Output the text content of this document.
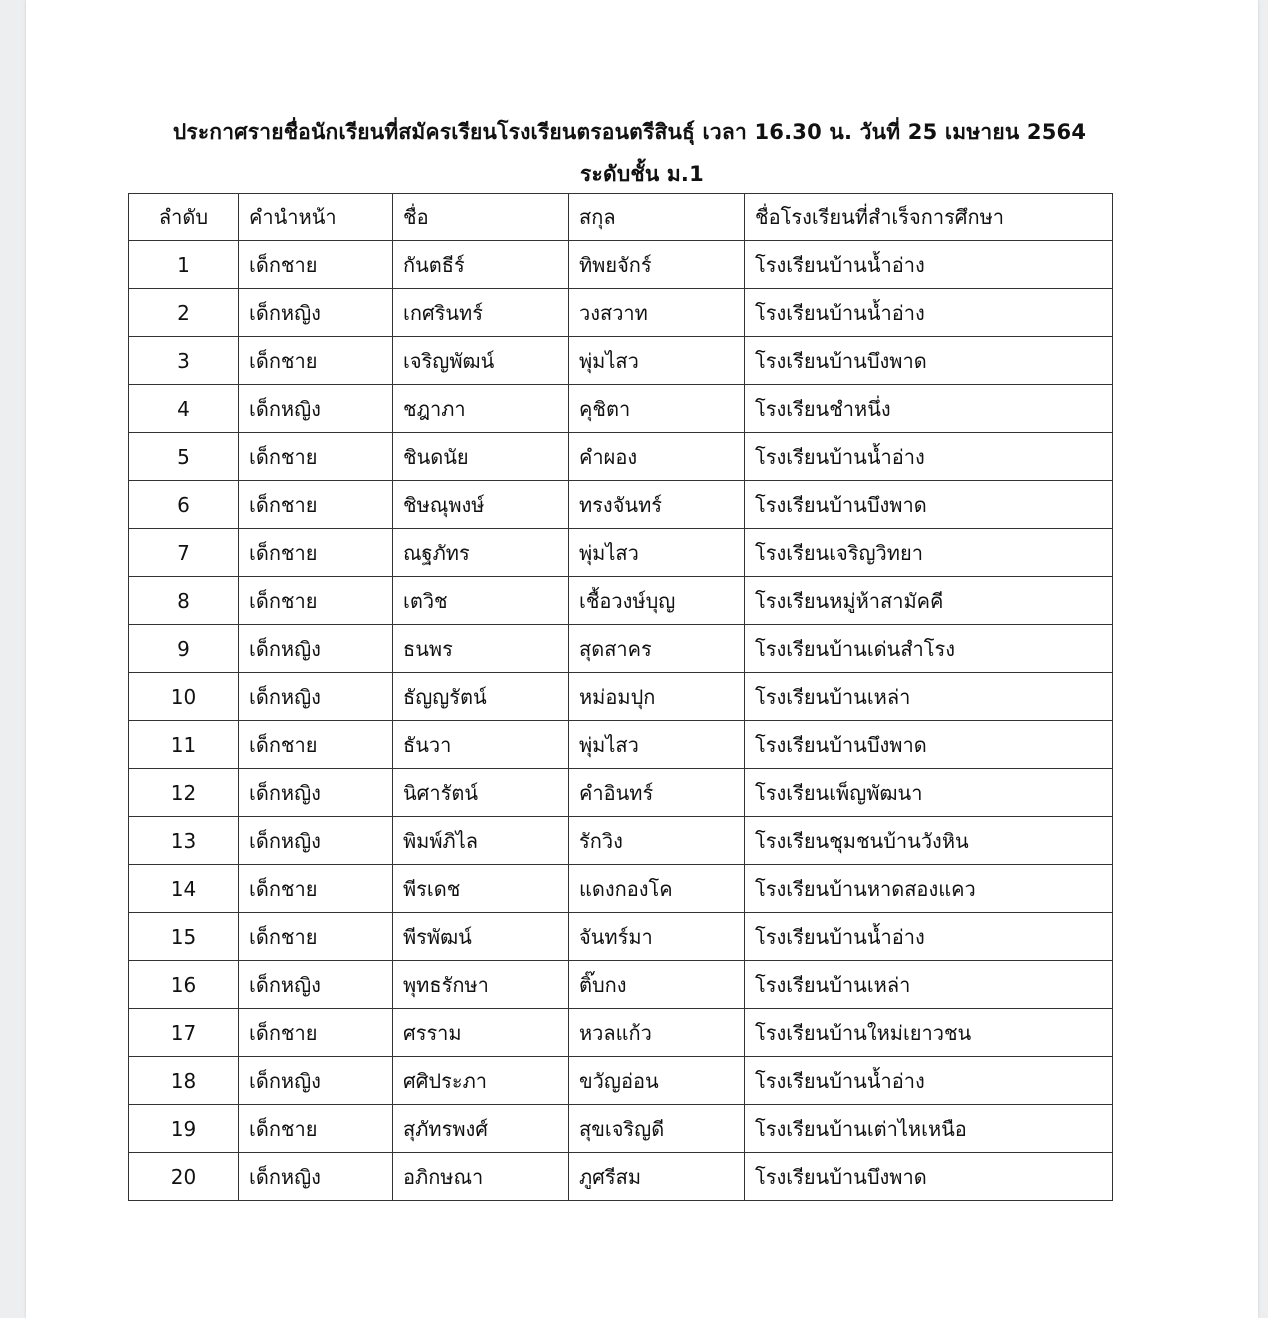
ประกาศรายชื่อนักเรียนที่สมัครเรียนโรงเรียนตรอนตรีสินธุ์ เวลา 16.30 น. วันที่ 25 เมษายน 2564
ระดับชั้น ม.1
ลำดับ	คำนำหน้า	ชื่อ	สกุล	ชื่อโรงเรียนที่สำเร็จการศึกษา
1	เด็กชาย	กันตธีร์	ทิพยจักร์	โรงเรียนบ้านน้ำอ่าง
2	เด็กหญิง	เกศรินทร์	วงสวาท	โรงเรียนบ้านน้ำอ่าง
3	เด็กชาย	เจริญพัฒน์	พุ่มไสว	โรงเรียนบ้านบึงพาด
4	เด็กหญิง	ชฎาภา	คุชิตา	โรงเรียนชำหนึ่ง
5	เด็กชาย	ชินดนัย	คำผอง	โรงเรียนบ้านน้ำอ่าง
6	เด็กชาย	ชิษณุพงษ์	ทรงจันทร์	โรงเรียนบ้านบึงพาด
7	เด็กชาย	ณฐภัทร	พุ่มไสว	โรงเรียนเจริญวิทยา
8	เด็กชาย	เตวิช	เชื้อวงษ์บุญ	โรงเรียนหมู่ห้าสามัคคี
9	เด็กหญิง	ธนพร	สุดสาคร	โรงเรียนบ้านเด่นสำโรง
10	เด็กหญิง	ธัญญรัตน์	หม่อมปุก	โรงเรียนบ้านเหล่า
11	เด็กชาย	ธันวา	พุ่มไสว	โรงเรียนบ้านบึงพาด
12	เด็กหญิง	นิศารัตน์	คำอินทร์	โรงเรียนเพ็ญพัฒนา
13	เด็กหญิง	พิมพ์ภิไล	รักวิง	โรงเรียนชุมชนบ้านวังหิน
14	เด็กชาย	พีรเดช	แดงกองโค	โรงเรียนบ้านหาดสองแคว
15	เด็กชาย	พีรพัฒน์	จันทร์มา	โรงเรียนบ้านน้ำอ่าง
16	เด็กหญิง	พุทธรักษา	ติ๊บกง	โรงเรียนบ้านเหล่า
17	เด็กชาย	ศรราม	หวลแก้ว	โรงเรียนบ้านใหม่เยาวชน
18	เด็กหญิง	ศศิประภา	ขวัญอ่อน	โรงเรียนบ้านน้ำอ่าง
19	เด็กชาย	สุภัทรพงศ์	สุขเจริญดี	โรงเรียนบ้านเต่าไหเหนือ
20	เด็กหญิง	อภิกษณา	ภูศรีสม	โรงเรียนบ้านบึงพาด
